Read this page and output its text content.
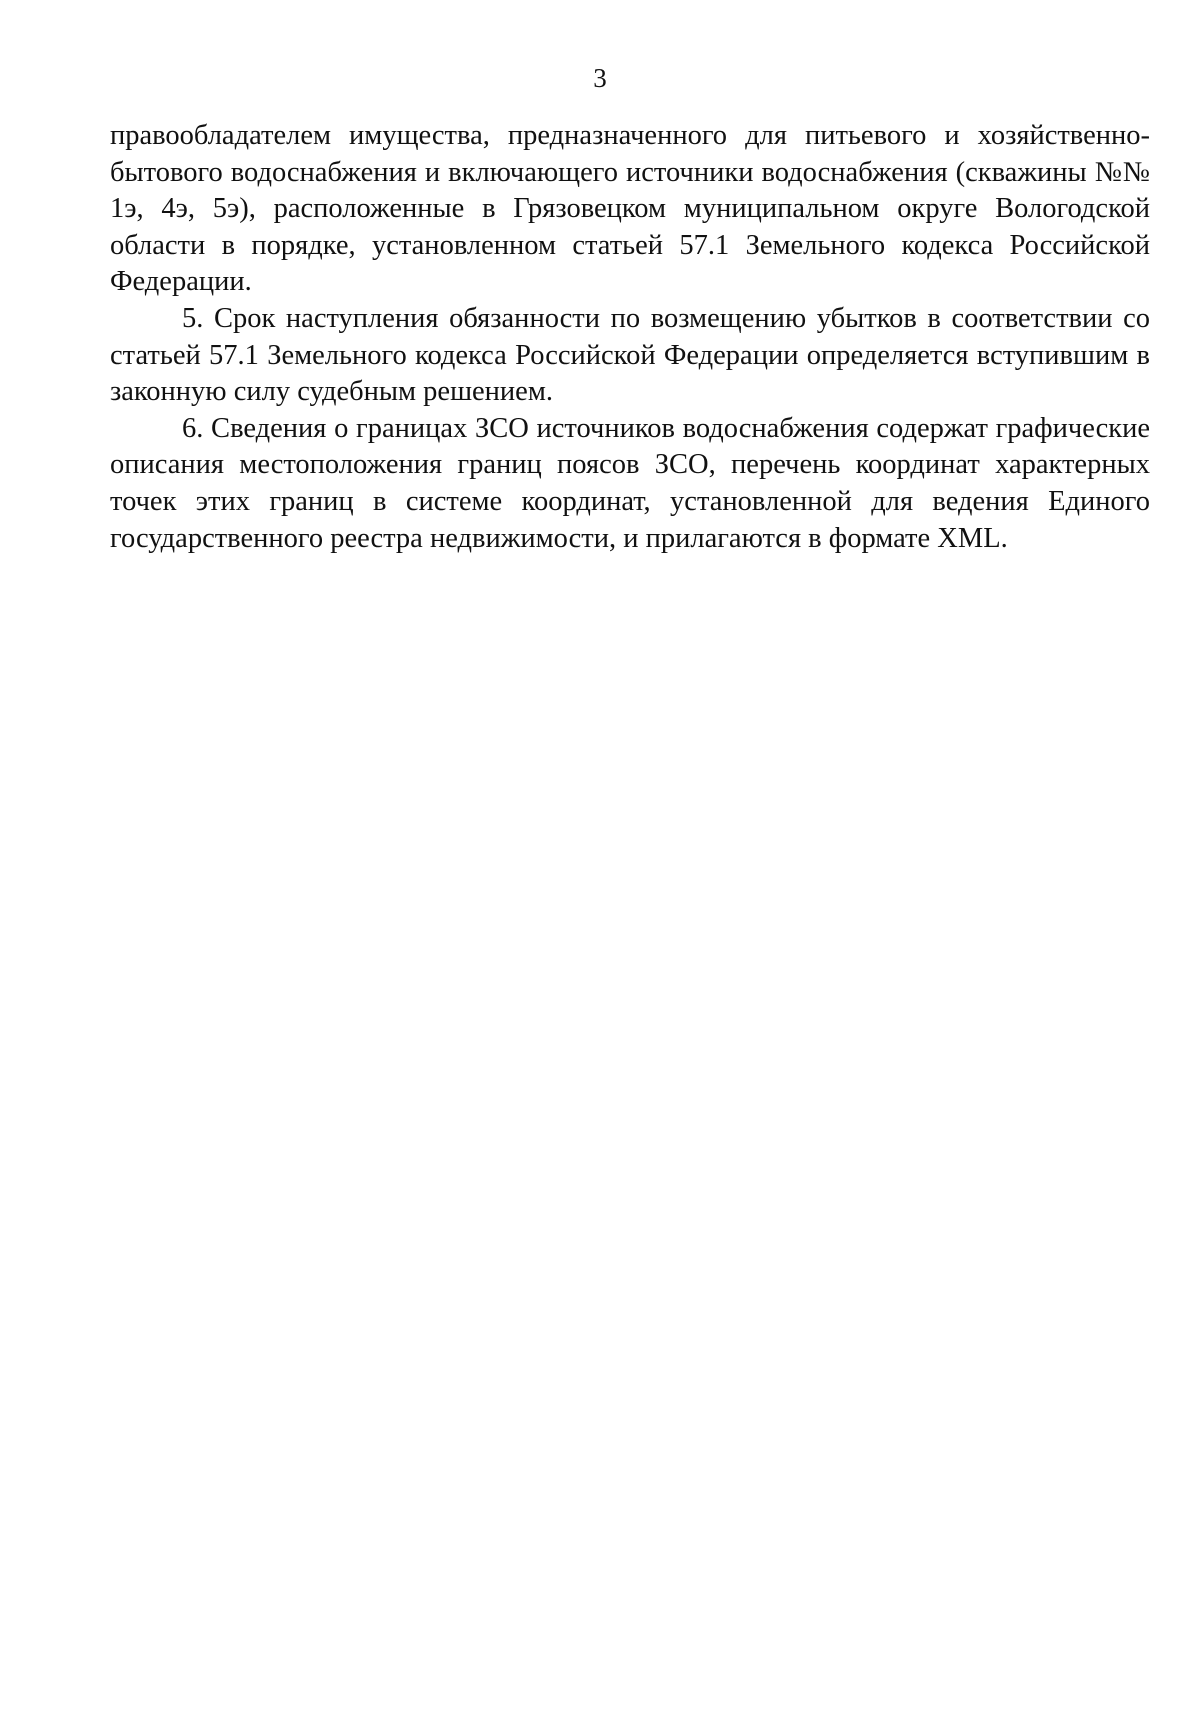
3

правообладателем имущества, предназначенного для питьевого и хозяйственно-бытового водоснабжения и включающего источники водоснабжения (скважины №№ 1э, 4э, 5э), расположенные в Грязовецком муниципальном округе Вологодской области в порядке, установленном статьей 57.1 Земельного кодекса Российской Федерации.

5. Срок наступления обязанности по возмещению убытков в соответствии со статьей 57.1 Земельного кодекса Российской Федерации определяется вступившим в законную силу судебным решением.

6. Сведения о границах ЗСО источников водоснабжения содержат графические описания местоположения границ поясов ЗСО, перечень координат характерных точек этих границ в системе координат, установленной для ведения Единого государственного реестра недвижимости, и прилагаются в формате XML.
